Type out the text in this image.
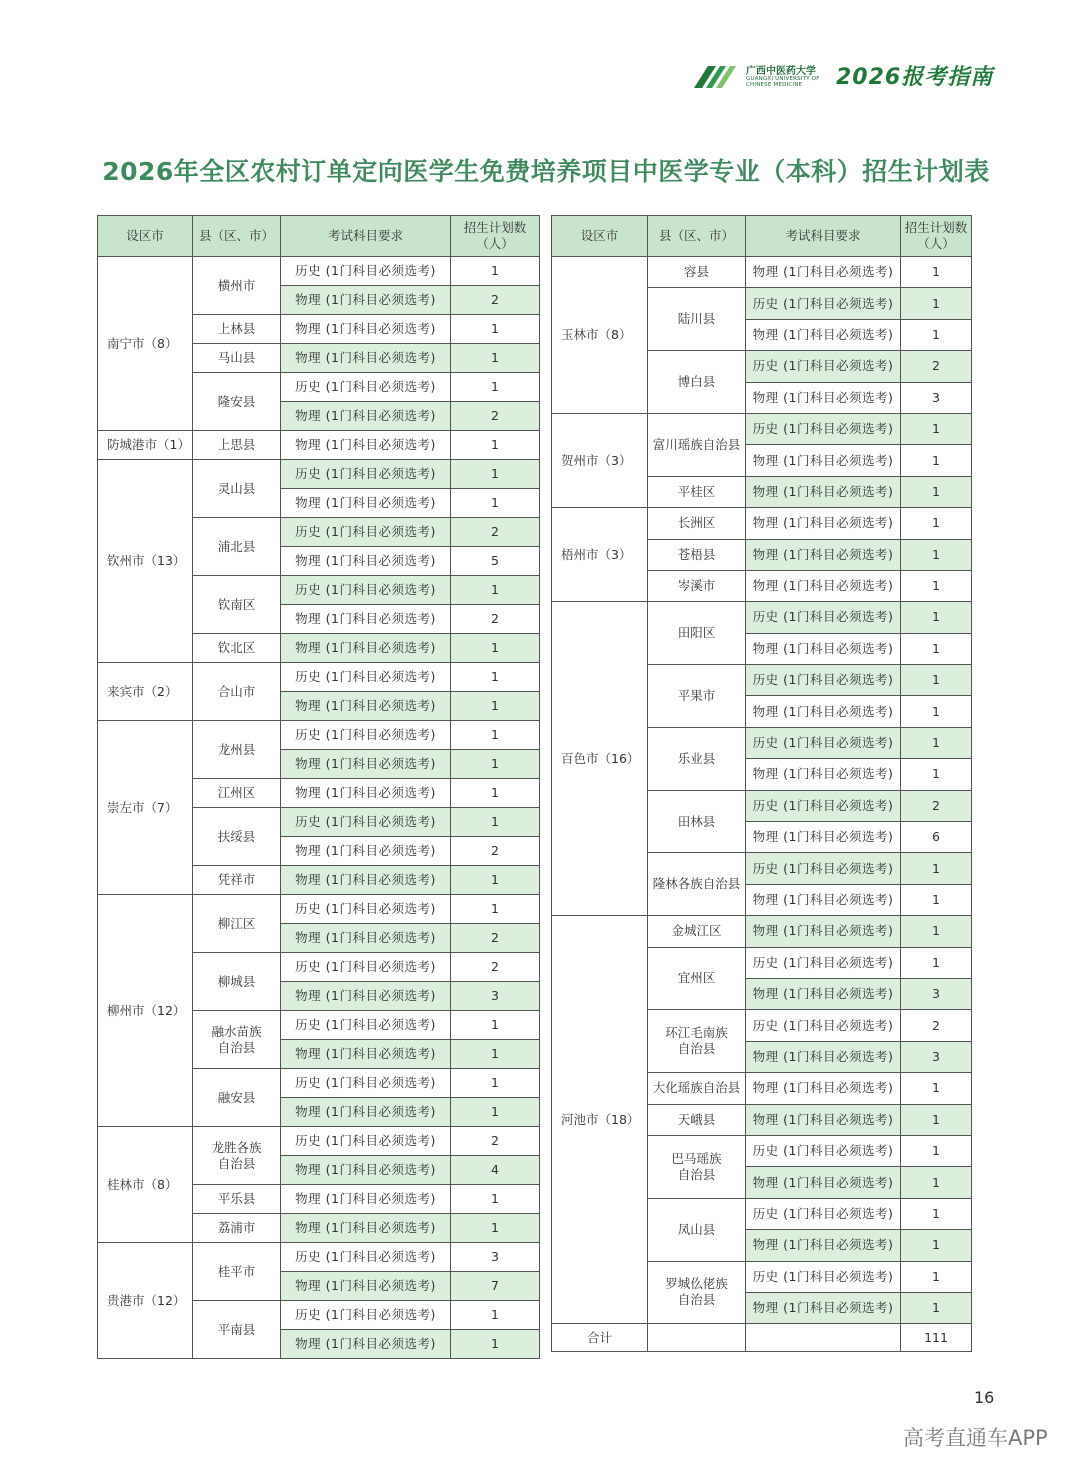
广西中医药大学
GUANGXI UNIVERSITY OF CHINESE MEDICINE	2026报考指南
2026年全区农村订单定向医学生免费培养项目中医学专业（本科）招生计划表
设区市	县（区、市）	考试科目要求	招生计划数（人）
南宁市（8）	横州市	历史 (1门科目必须选考)	1
		物理 (1门科目必须选考)	2
	上林县	物理 (1门科目必须选考)	1
	马山县	物理 (1门科目必须选考)	1
	隆安县	历史 (1门科目必须选考)	1
		物理 (1门科目必须选考)	2
防城港市（1）	上思县	物理 (1门科目必须选考)	1
钦州市（13）	灵山县	历史 (1门科目必须选考)	1
		物理 (1门科目必须选考)	1
	浦北县	历史 (1门科目必须选考)	2
		物理 (1门科目必须选考)	5
	钦南区	历史 (1门科目必须选考)	1
		物理 (1门科目必须选考)	2
	钦北区	物理 (1门科目必须选考)	1
来宾市（2）	合山市	历史 (1门科目必须选考)	1
		物理 (1门科目必须选考)	1
崇左市（7）	龙州县	历史 (1门科目必须选考)	1
		物理 (1门科目必须选考)	1
	江州区	物理 (1门科目必须选考)	1
	扶绥县	历史 (1门科目必须选考)	1
		物理 (1门科目必须选考)	2
	凭祥市	物理 (1门科目必须选考)	1
柳州市（12）	柳江区	历史 (1门科目必须选考)	1
		物理 (1门科目必须选考)	2
	柳城县	历史 (1门科目必须选考)	2
		物理 (1门科目必须选考)	3
	融水苗族
自治县	历史 (1门科目必须选考)	1
		物理 (1门科目必须选考)	1
	融安县	历史 (1门科目必须选考)	1
		物理 (1门科目必须选考)	1
桂林市（8）	龙胜各族
自治县	历史 (1门科目必须选考)	2
		物理 (1门科目必须选考)	4
	平乐县	物理 (1门科目必须选考)	1
	荔浦市	物理 (1门科目必须选考)	1
贵港市（12）	桂平市	历史 (1门科目必须选考)	3
		物理 (1门科目必须选考)	7
	平南县	历史 (1门科目必须选考)	1
		物理 (1门科目必须选考)	1
设区市	县（区、市）	考试科目要求	招生计划数（人）
玉林市（8）	容县	物理 (1门科目必须选考)	1
	陆川县	历史 (1门科目必须选考)	1
		物理 (1门科目必须选考)	1
	博白县	历史 (1门科目必须选考)	2
		物理 (1门科目必须选考)	3
贺州市（3）	富川瑶族自治县	历史 (1门科目必须选考)	1
		物理 (1门科目必须选考)	1
	平桂区	物理 (1门科目必须选考)	1
梧州市（3）	长洲区	物理 (1门科目必须选考)	1
	苍梧县	物理 (1门科目必须选考)	1
	岑溪市	物理 (1门科目必须选考)	1
百色市（16）	田阳区	历史 (1门科目必须选考)	1
		物理 (1门科目必须选考)	1
	平果市	历史 (1门科目必须选考)	1
		物理 (1门科目必须选考)	1
	乐业县	历史 (1门科目必须选考)	1
		物理 (1门科目必须选考)	1
	田林县	历史 (1门科目必须选考)	2
		物理 (1门科目必须选考)	6
	隆林各族自治县	历史 (1门科目必须选考)	1
		物理 (1门科目必须选考)	1
河池市（18）	金城江区	物理 (1门科目必须选考)	1
	宜州区	历史 (1门科目必须选考)	1
		物理 (1门科目必须选考)	3
	环江毛南族
自治县	历史 (1门科目必须选考)	2
		物理 (1门科目必须选考)	3
	大化瑶族自治县	物理 (1门科目必须选考)	1
	天峨县	物理 (1门科目必须选考)	1
	巴马瑶族
自治县	历史 (1门科目必须选考)	1
		物理 (1门科目必须选考)	1
	凤山县	历史 (1门科目必须选考)	1
		物理 (1门科目必须选考)	1
	罗城仫佬族
自治县	历史 (1门科目必须选考)	1
		物理 (1门科目必须选考)	1
合计			111
16
高考直通车APP
